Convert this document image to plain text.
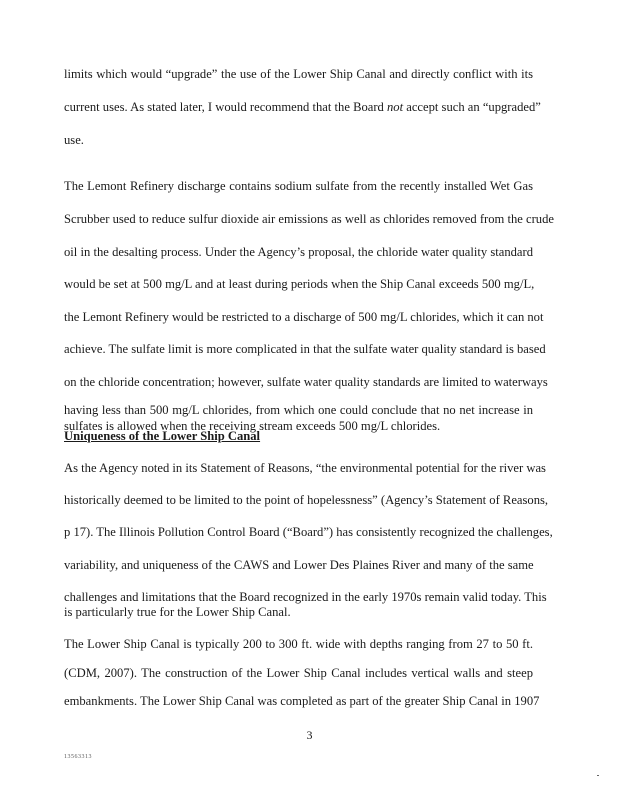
limits which would “upgrade” the use of the Lower Ship Canal and directly conflict with its
current uses. As stated later, I would recommend that the Board not accept such an “upgraded”
use.
The Lemont Refinery discharge contains sodium sulfate from the recently installed Wet Gas
Scrubber used to reduce sulfur dioxide air emissions as well as chlorides removed from the crude
oil in the desalting process. Under the Agency’s proposal, the chloride water quality standard
would be set at 500 mg/L and at least during periods when the Ship Canal exceeds 500 mg/L,
the Lemont Refinery would be restricted to a discharge of 500 mg/L chlorides, which it can not
achieve. The sulfate limit is more complicated in that the sulfate water quality standard is based
on the chloride concentration; however, sulfate water quality standards are limited to waterways
having less than 500 mg/L chlorides, from which one could conclude that no net increase in
Uniqueness of the Lower Ship Canal
As the Agency noted in its Statement of Reasons, “the environmental potential for the river was
historically deemed to be limited to the point of hopelessness” (Agency’s Statement of Reasons,
p 17). The Illinois Pollution Control Board (“Board”) has consistently recognized the challenges,
variability, and uniqueness of the CAWS and Lower Des Plaines River and many of the same
challenges and limitations that the Board recognized in the early 1970s remain valid today. This
is particularly true for the Lower Ship Canal.
The Lower Ship Canal is typically 200 to 300 ft. wide with depths ranging from 27 to 50 ft.
(CDM, 2007). The construction of the Lower Ship Canal includes vertical walls and steep
embankments. The Lower Ship Canal was completed as part of the greater Ship Canal in 1907
3
13563313
sulfates is allowed when the receiving stream exceeds 500 mg/L chlorides.
